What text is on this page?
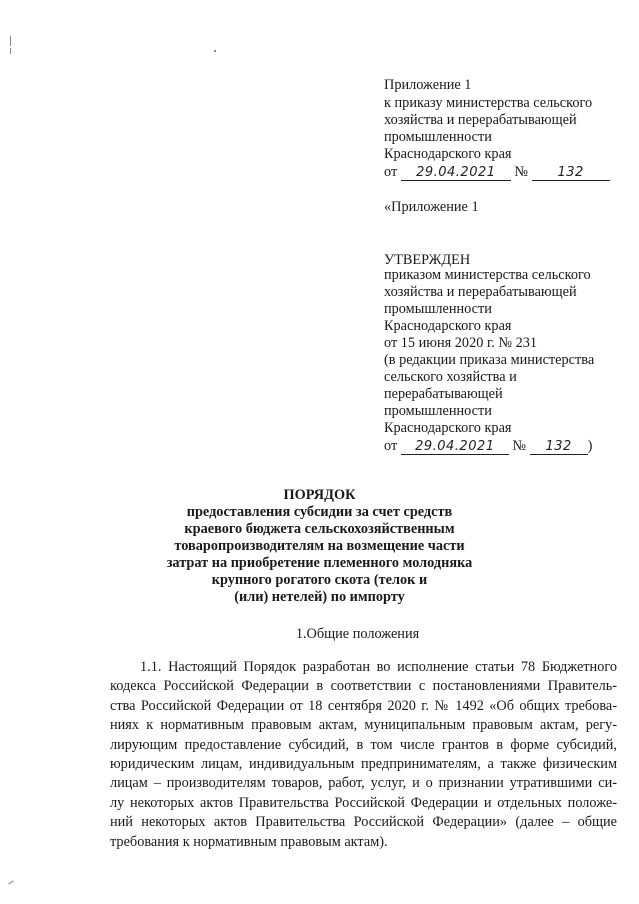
Приложение 1
к приказу министерства сельского
хозяйства и перерабатывающей
промышленности
Краснодарского края
от 29.04.2021 № 132
«Приложение 1
УТВЕРЖДЕН
приказом министерства сельского
хозяйства и перерабатывающей
промышленности
Краснодарского края
от 15 июня 2020 г. № 231
(в редакции приказа министерства
сельского хозяйства и
перерабатывающей
промышленности
Краснодарского края
от 29.04.2021 № 132 )
ПОРЯДОК
предоставления субсидии за счет средств
краевого бюджета сельскохозяйственным
товаропроизводителям на возмещение части
затрат на приобретение племенного молодняка
крупного рогатого скота (телок и
(или) нетелей) по импорту
1.Общие положения
1.1. Настоящий Порядок разработан во исполнение статьи 78 Бюджетного
кодекса Российской Федерации в соответствии с постановлениями Правитель-
ства Российской Федерации от 18 сентября 2020 г. № 1492 «Об общих требова-
ниях к нормативным правовым актам, муниципальным правовым актам, регу-
лирующим предоставление субсидий, в том числе грантов в форме субсидий,
юридическим лицам, индивидуальным предпринимателям, а также физическим
лицам – производителям товаров, работ, услуг, и о признании утратившими си-
лу некоторых актов Правительства Российской Федерации и отдельных положе-
ний некоторых актов Правительства Российской Федерации» (далее – общие
требования к нормативным правовым актам).
